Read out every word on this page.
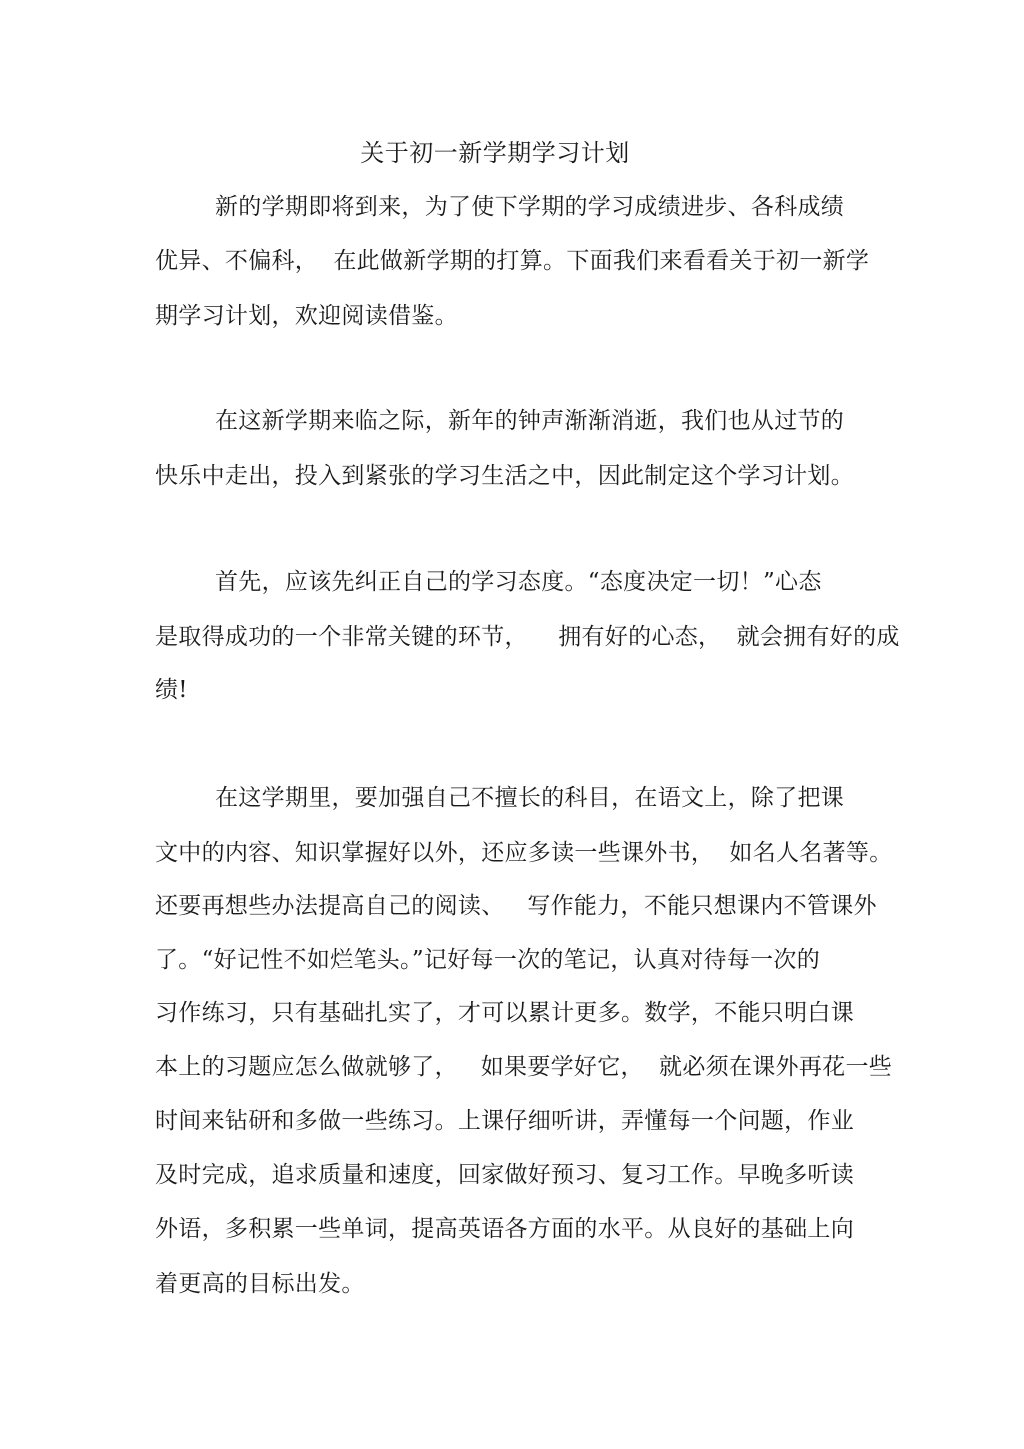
关于初一新学期学习计划
新的学期即将到来，为了使下学期的学习成绩进步、各科成绩
优异、不偏科，  在此做新学期的打算。下面我们来看看关于初一新学
期学习计划，欢迎阅读借鉴。
在这新学期来临之际，新年的钟声渐渐消逝，我们也从过节的
快乐中走出，投入到紧张的学习生活之中，因此制定这个学习计划。
首先，应该先纠正自己的学习态度。“态度决定一切！”心态
是取得成功的一个非常关键的环节，    拥有好的心态，  就会拥有好的成
绩!
在这学期里，要加强自己不擅长的科目，在语文上，除了把课
文中的内容、知识掌握好以外，还应多读一些课外书，  如名人名著等。
还要再想些办法提高自己的阅读、   写作能力，不能只想课内不管课外
了。“好记性不如烂笔头。”记好每一次的笔记，认真对待每一次的
习作练习，只有基础扎实了，才可以累计更多。数学，不能只明白课
本上的习题应怎么做就够了，   如果要学好它，  就必须在课外再花一些
时间来钻研和多做一些练习。上课仔细听讲，弄懂每一个问题，作业
及时完成，追求质量和速度，回家做好预习、复习工作。早晚多听读
外语，多积累一些单词，提高英语各方面的水平。从良好的基础上向
着更高的目标出发。
